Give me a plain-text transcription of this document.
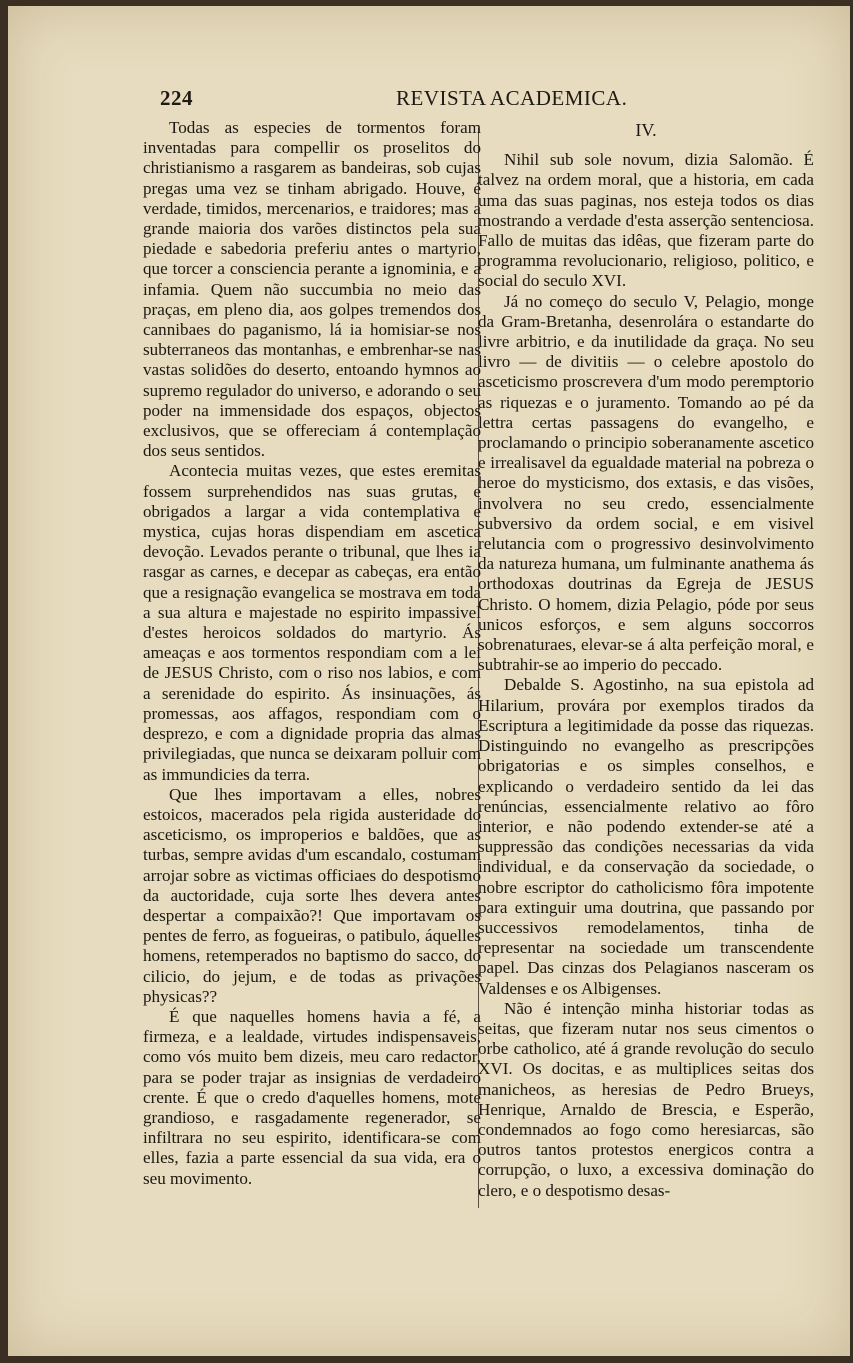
224	REVISTA ACADEMICA.

Todas as especies de tormentos foram inventadas para compellir os proselitos do christianismo a rasgarem as bandeiras, sob cujas pregas uma vez se tinham abrigado. Houve, é verdade, timidos, mercenarios, e traidores; mas a grande maioria dos varões distinctos pela sua piedade e sabedoria preferiu antes o martyrio, que torcer a consciencia perante a ignominia, e a infamia. Quem não succumbia no meio das praças, em pleno dia, aos golpes tremendos dos cannibaes do paganismo, lá ia homisiar-se nos subterraneos das montanhas, e embrenhar-se nas vastas solidões do deserto, entoando hymnos ao supremo regulador do universo, e adorando o seu poder na immensidade dos espaços, objectos exclusivos, que se offereciam á contemplação dos seus sentidos.

Acontecia muitas vezes, que estes eremitas fossem surprehendidos nas suas grutas, e obrigados a largar a vida contemplativa e mystica, cujas horas dispendiam em ascetica devoção. Levados perante o tribunal, que lhes ia rasgar as carnes, e decepar as cabeças, era então que a resignação evangelica se mostrava em toda a sua altura e majestade no espirito impassivel d'estes heroicos soldados do martyrio. Ás ameaças e aos tormentos respondiam com a lei de JESUS Christo, com o riso nos labios, e com a serenidade do espirito. Ás insinuações, ás promessas, aos affagos, respondiam com o desprezo, e com a dignidade propria das almas privilegiadas, que nunca se deixaram polluir com as immundicies da terra.

Que lhes importavam a elles, nobres estoicos, macerados pela rigida austeridade do asceticismo, os improperios e baldões, que as turbas, sempre avidas d'um escandalo, costumam arrojar sobre as victimas officiaes do despotismo da auctoridade, cuja sorte lhes devera antes despertar a compaixão?! Que importavam os pentes de ferro, as fogueiras, o patibulo, áquelles homens, retemperados no baptismo do sacco, do cilicio, do jejum, e de todas as privações physicas??

É que naquelles homens havia a fé, a firmeza, e a lealdade, virtudes indispensaveis, como vós muito bem dizeis, meu caro redactor, para se poder trajar as insignias de verdadeiro crente. É que o credo d'aquelles homens, mote grandioso, e rasgadamente regenerador, se infiltrara no seu espirito, identificara-se com elles, fazia a parte essencial da sua vida, era o seu movimento.

IV.

Nihil sub sole novum, dizia Salomão. É talvez na ordem moral, que a historia, em cada uma das suas paginas, nos esteja todos os dias mostrando a verdade d'esta asserção sentenciosa. Fallo de muitas das idêas, que fizeram parte do programma revolucionario, religioso, politico, e social do seculo XVI.

Já no começo do seculo V, Pelagio, monge da Gram-Bretanha, desenrolára o estandarte do livre arbitrio, e da inutilidade da graça. No seu livro — de divitiis — o celebre apostolo do asceticismo proscrevera d'um modo peremptorio as riquezas e o juramento. Tomando ao pé da lettra certas passagens do evangelho, e proclamando o principio soberanamente ascetico e irrealisavel da egualdade material na pobreza o heroe do mysticismo, dos extasis, e das visões, involvera no seu credo, essencialmente subversivo da ordem social, e em visivel relutancia com o progressivo desinvolvimento da natureza humana, um fulminante anathema ás orthodoxas doutrinas da Egreja de JESUS Christo. O homem, dizia Pelagio, póde por seus unicos esforços, e sem alguns soccorros sobrenaturaes, elevar-se á alta perfeição moral, e subtrahir-se ao imperio do peccado.

Debalde S. Agostinho, na sua epistola ad Hilarium, provára por exemplos tirados da Escriptura a legitimidade da posse das riquezas. Distinguindo no evangelho as prescripções obrigatorias e os simples conselhos, e explicando o verdadeiro sentido da lei das renúncias, essencialmente relativo ao fôro interior, e não podendo extender-se até a suppressão das condições necessarias da vida individual, e da conservação da sociedade, o nobre escriptor do catholicismo fôra impotente para extinguir uma doutrina, que passando por successivos remodelamentos, tinha de representar na sociedade um transcendente papel. Das cinzas dos Pelagianos nasceram os Valdenses e os Albigenses.

Não é intenção minha historiar todas as seitas, que fizeram nutar nos seus cimentos o orbe catholico, até á grande revolução do seculo XVI. Os docitas, e as multiplices seitas dos manicheos, as heresias de Pedro Brueys, Henrique, Arnaldo de Brescia, e Esperão, condemnados ao fogo como heresiarcas, são outros tantos protestos energicos contra a corrupção, o luxo, a excessiva dominação do clero, e o despotismo desas-
